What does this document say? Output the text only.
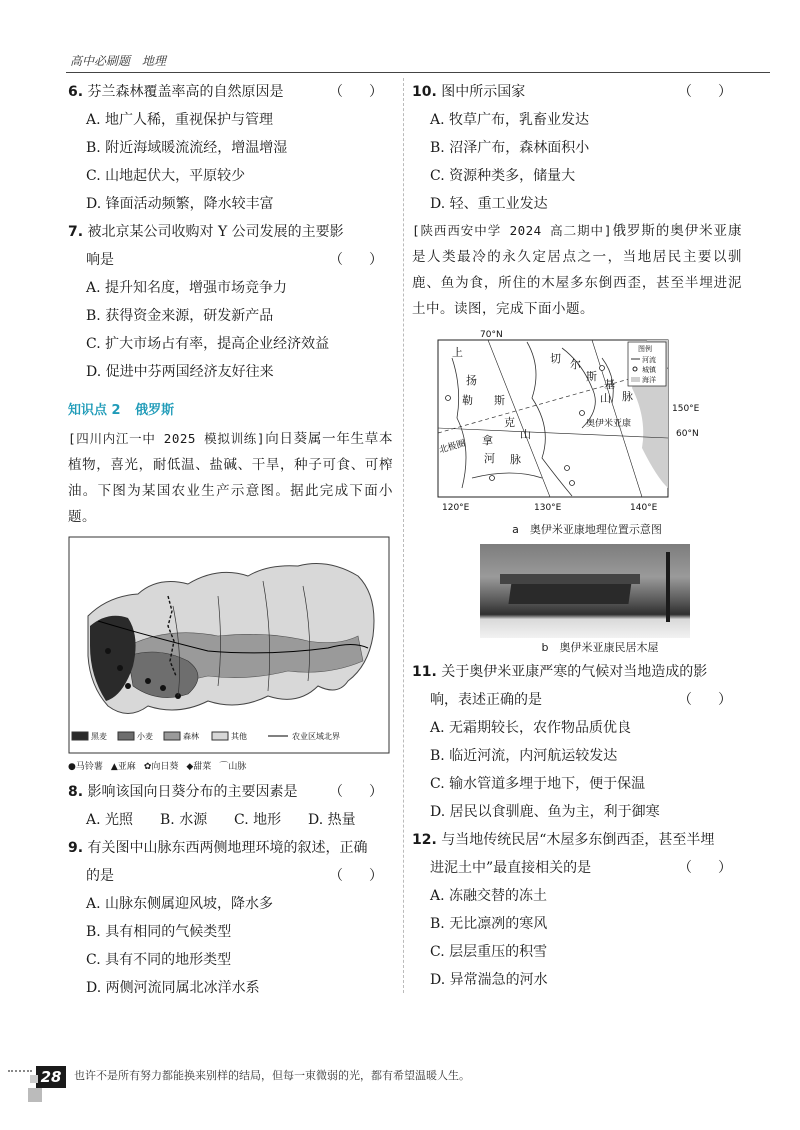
高中必刷题 地理
6. 芬兰森林覆盖率高的自然原因是	（　）
A. 地广人稀，重视保护与管理
B. 附近海域暖流流经，增温增湿
C. 山地起伏大，平原较少
D. 锋面活动频繁，降水较丰富
7. 被北京某公司收购对 Y 公司发展的主要影
响是	（　）
A. 提升知名度，增强市场竞争力
B. 获得资金来源，研发新产品
C. 扩大市场占有率，提高企业经济效益
D. 促进中芬两国经济友好往来
知识点 2 俄罗斯
[四川内江一中 2025 模拟训练]向日葵属一年生草本植物，喜光，耐低温、盐碱、干旱，种子可食、可榨油。下图为某国农业生产示意图。据此完成下面小题。
黑麦	小麦	森林	其他	农业区域北界
● 马铃薯 ▲ 亚麻 ✿ 向日葵 ◆ 甜菜 ⌒ 山脉
8. 影响该国向日葵分布的主要因素是 （　）
A. 光照	B. 水源	C. 地形	D. 热量
9. 有关图中山脉东西两侧地理环境的叙述，正确
的是	（　）
A. 山脉东侧属迎风坡，降水多
B. 具有相同的气候类型
C. 具有不同的地形类型
D. 两侧河流同属北冰洋水系
10. 图中所示国家	（　）
A. 牧草广布，乳畜业发达
B. 沼泽广布，森林面积小
C. 资源种类多，储量大
D. 轻、重工业发达
[陕西西安中学 2024 高二期中]俄罗斯的奥伊米亚康是人类最冷的永久定居点之一，当地居民主要以驯鹿、鱼为食，所住的木屋多东倒西歪，甚至半埋进泥土中。读图，完成下面小题。
70°N
150°E
60°N
120°E	130°E	140°E
上
扬
勒 斯
克
切 尔
斯
基
山 脉
山
脉
拿
河
奥伊米亚康
北极圈
图例
河流
城镇
海洋
a　奥伊米亚康地理位置示意图
b　奥伊米亚康民居木屋
11. 关于奥伊米亚康严寒的气候对当地造成的影
响，表述正确的是	（　）
A. 无霜期较长，农作物品质优良
B. 临近河流，内河航运较发达
C. 输水管道多埋于地下，便于保温
D. 居民以食驯鹿、鱼为主，利于御寒
12. 与当地传统民居“木屋多东倒西歪，甚至半埋
进泥土中”最直接相关的是	（　）
A. 冻融交替的冻土
B. 无比凛冽的寒风
C. 层层重压的积雪
D. 异常湍急的河水
28	也许不是所有努力都能换来别样的结局，但每一束微弱的光，都有希望温暖人生。
